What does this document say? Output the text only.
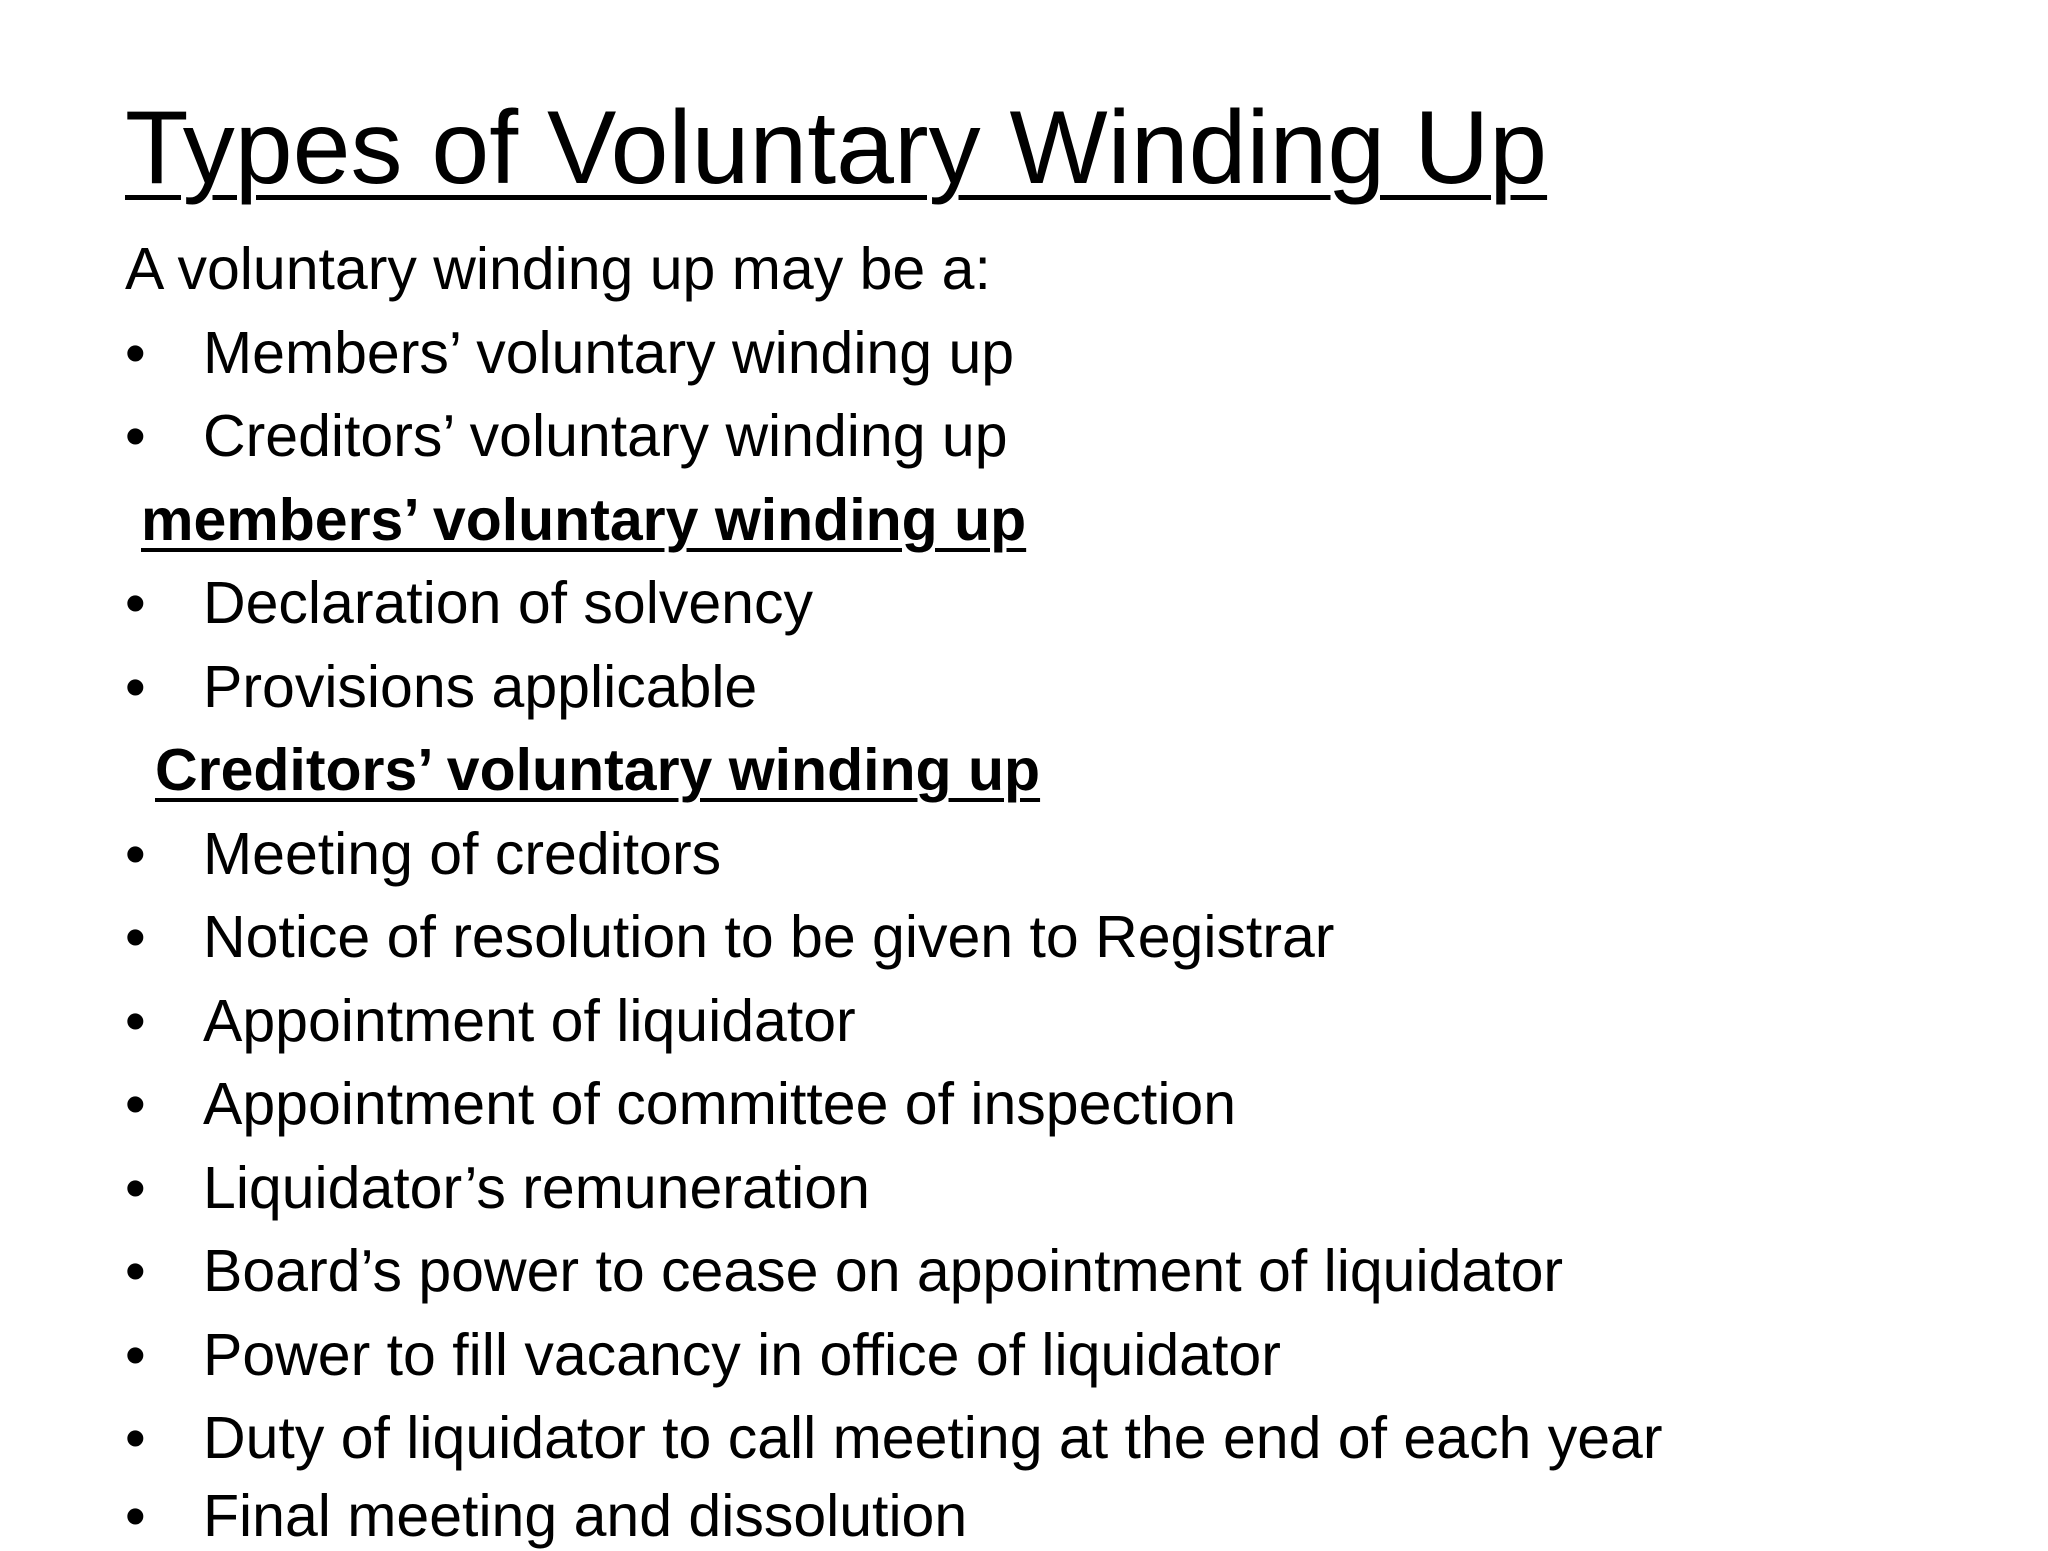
Types of Voluntary Winding Up
A voluntary winding up may be a:
• Members’ voluntary winding up
• Creditors’ voluntary winding up
members’ voluntary winding up
• Declaration of solvency
• Provisions applicable
Creditors’ voluntary winding up
• Meeting of creditors
• Notice of resolution to be given to Registrar
• Appointment of liquidator
• Appointment of committee of inspection
• Liquidator’s remuneration
• Board’s power to cease on appointment of liquidator
• Power to fill vacancy in office of liquidator
• Duty of liquidator to call meeting at the end of each year
• Final meeting and dissolution
